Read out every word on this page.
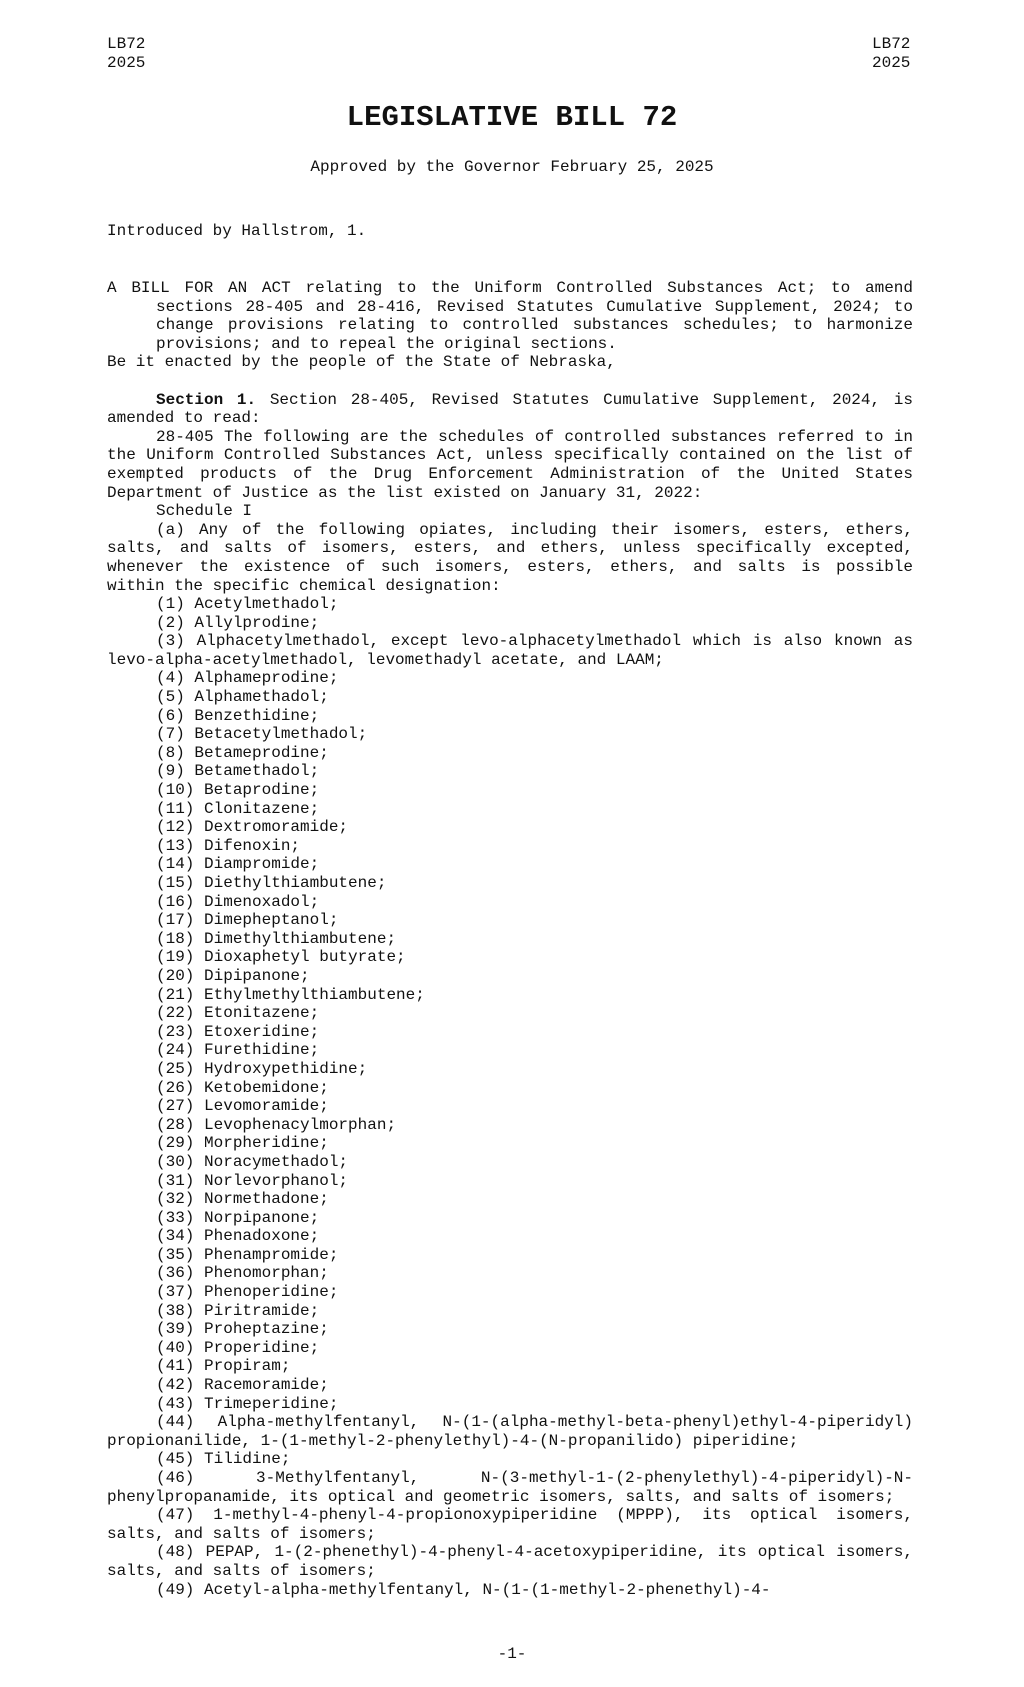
LB72
2025
LB72
2025
LEGISLATIVE BILL 72
Approved by the Governor February 25, 2025
Introduced by Hallstrom, 1.

A BILL FOR AN ACT relating to the Uniform Controlled Substances Act; to amend sections 28-405 and 28-416, Revised Statutes Cumulative Supplement, 2024; to change provisions relating to controlled substances schedules; to harmonize provisions; and to repeal the original sections.

Be it enacted by the people of the State of Nebraska,

Section 1. Section 28-405, Revised Statutes Cumulative Supplement, 2024, is amended to read:

28-405 The following are the schedules of controlled substances referred to in the Uniform Controlled Substances Act, unless specifically contained on the list of exempted products of the Drug Enforcement Administration of the United States Department of Justice as the list existed on January 31, 2022:

Schedule I

(a) Any of the following opiates, including their isomers, esters, ethers, salts, and salts of isomers, esters, and ethers, unless specifically excepted, whenever the existence of such isomers, esters, ethers, and salts is possible within the specific chemical designation:

(1) Acetylmethadol;

(2) Allylprodine;

(3) Alphacetylmethadol, except levo-alphacetylmethadol which is also known as levo-alpha-acetylmethadol, levomethadyl acetate, and LAAM;

(4) Alphameprodine;

(5) Alphamethadol;

(6) Benzethidine;

(7) Betacetylmethadol;

(8) Betameprodine;

(9) Betamethadol;

(10) Betaprodine;

(11) Clonitazene;

(12) Dextromoramide;

(13) Difenoxin;

(14) Diampromide;

(15) Diethylthiambutene;

(16) Dimenoxadol;

(17) Dimepheptanol;

(18) Dimethylthiambutene;

(19) Dioxaphetyl butyrate;

(20) Dipipanone;

(21) Ethylmethylthiambutene;

(22) Etonitazene;

(23) Etoxeridine;

(24) Furethidine;

(25) Hydroxypethidine;

(26) Ketobemidone;

(27) Levomoramide;

(28) Levophenacylmorphan;

(29) Morpheridine;

(30) Noracymethadol;

(31) Norlevorphanol;

(32) Normethadone;

(33) Norpipanone;

(34) Phenadoxone;

(35) Phenampromide;

(36) Phenomorphan;

(37) Phenoperidine;

(38) Piritramide;

(39) Proheptazine;

(40) Properidine;

(41) Propiram;

(42) Racemoramide;

(43) Trimeperidine;

(44) Alpha-methylfentanyl, N-(1-(alpha-methyl-beta-phenyl)ethyl-4-piperidyl) propionanilide, 1-(1-methyl-2-phenylethyl)-4-(N-propanilido) piperidine;

(45) Tilidine;

(46) 3-Methylfentanyl, N-(3-methyl-1-(2-phenylethyl)-4-piperidyl)-N-phenylpropanamide, its optical and geometric isomers, salts, and salts of isomers;

(47) 1-methyl-4-phenyl-4-propionoxypiperidine (MPPP), its optical isomers, salts, and salts of isomers;

(48) PEPAP, 1-(2-phenethyl)-4-phenyl-4-acetoxypiperidine, its optical isomers, salts, and salts of isomers;

(49) Acetyl-alpha-methylfentanyl, N-(1-(1-methyl-2-phenethyl)-4-

-1-
